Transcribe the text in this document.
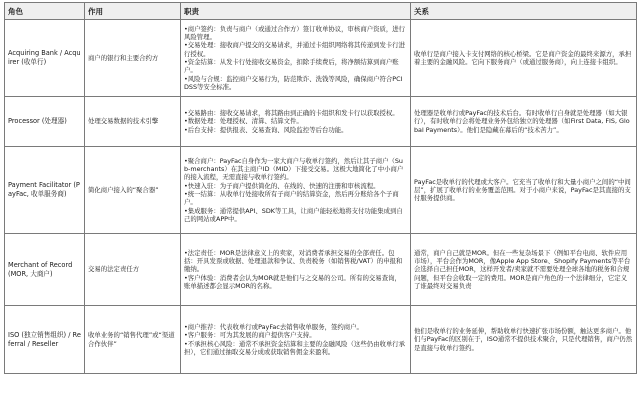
角色	作用	职责	关系
Acquiring Bank / Acquirer (收单行)	商户的银行和主要合约方	•商户签约：负责与商户（或通过合作方）签订收单协议，审核商户资质，进行风险管理。
•交易处理：接收商户提交的交易请求，并通过卡组织网络将其传递到发卡行进行授权。
•资金结算：从发卡行处接收交易资金，扣除手续费后，将净额结算到商户账户。
•风险与合规：监控商户交易行为，防范欺诈、洗钱等风险，确保商户符合PCI DSS等安全标准。	收单行是商户接入卡支付网络的核心桥梁。它是商户资金的最终来源方，承担着主要的金融风险。它向下服务商户（或通过服务商），向上连接卡组织。
Processor (处理器)	处理交易数据的技术引擎	•交易路由：接收交易请求，将其路由到正确的卡组织和发卡行以获取授权。
•数据处理：处理授权、清算、结算文件。
•后台支持：提供报表、交易查询、风险监控等后台功能。	处理器是收单行或PayFac的技术后台。有时收单行自身就是处理器（如大银行），有时收单行会将处理业务外包给独立的处理器（如First Data, FIS, Global Payments）。他们是隐藏在幕后的“技术苦力”。
Payment Facilitator (PayFac, 收单服务商)	简化商户接入的“聚合器”	•聚合商户：PayFac自身作为一家大商户与收单行签约，然后让其子商户（Sub-merchants）在其主商户ID（MID）下接受交易。这极大地简化了中小商户的接入流程，无需直接与收单行签约。
•快速入驻：为子商户提供简化的、在线的、快速的注册和审核流程。
•统一结算：从收单行处接收所有子商户的结算资金，然后再分账给各个子商户。
•集成服务：通常提供API、SDK等工具，让商户能轻松地将支付功能集成到自己的网站或APP中。	PayFac是收单行的代理或大客户。它充当了收单行和大量小商户之间的“中间层”，扩展了收单行的业务覆盖范围。对于小商户来说，PayFac是其直接的支付服务提供商。
Merchant of Record (MOR, 大商户)	交易的法定责任方	•法定责任：MOR是法律意义上的卖家，对消费者承担交易的全部责任。包括：开具发票或收据、处理退款和争议、负责税务（如销售税/VAT）的申报和缴纳。
•客户体验：消费者会认为MOR就是他们与之交易的公司。所有的交易查询，账单描述都会显示MOR的名称。	通常，商户自己就是MOR。但在一些复杂场景下（例如平台电商、软件应用市场），平台会作为MOR，像Apple App Store、Shopify Payments等平台会选择自己担任MOR，这样开发者/卖家就不需要处理全球各地的税务和合规问题，但平台会收取一定的费用。MOR是商户角色的一个法律细分，它定义了谁最终对交易负责
ISO (独立销售组织) / Referral / Reseller	收单业务的“销售代理”或“渠道合作伙伴”	•商户推荐：代表收单行或PayFac去销售收单服务，签约商户。
•客户服务：可为其发展的商户提供客户支持。
•不承担核心风险：通常不承担资金结算和主要的金融风险（这些仍由收单行承担），它们通过抽取交易分成或获取销售佣金来盈利。	他们是收单行的业务延伸，帮助收单行快速扩张市场份额，触达更多商户。他们与PayFac的区别在于，ISO通常不提供技术聚合，只是代理销售，商户仍然是直接与收单行签约。
